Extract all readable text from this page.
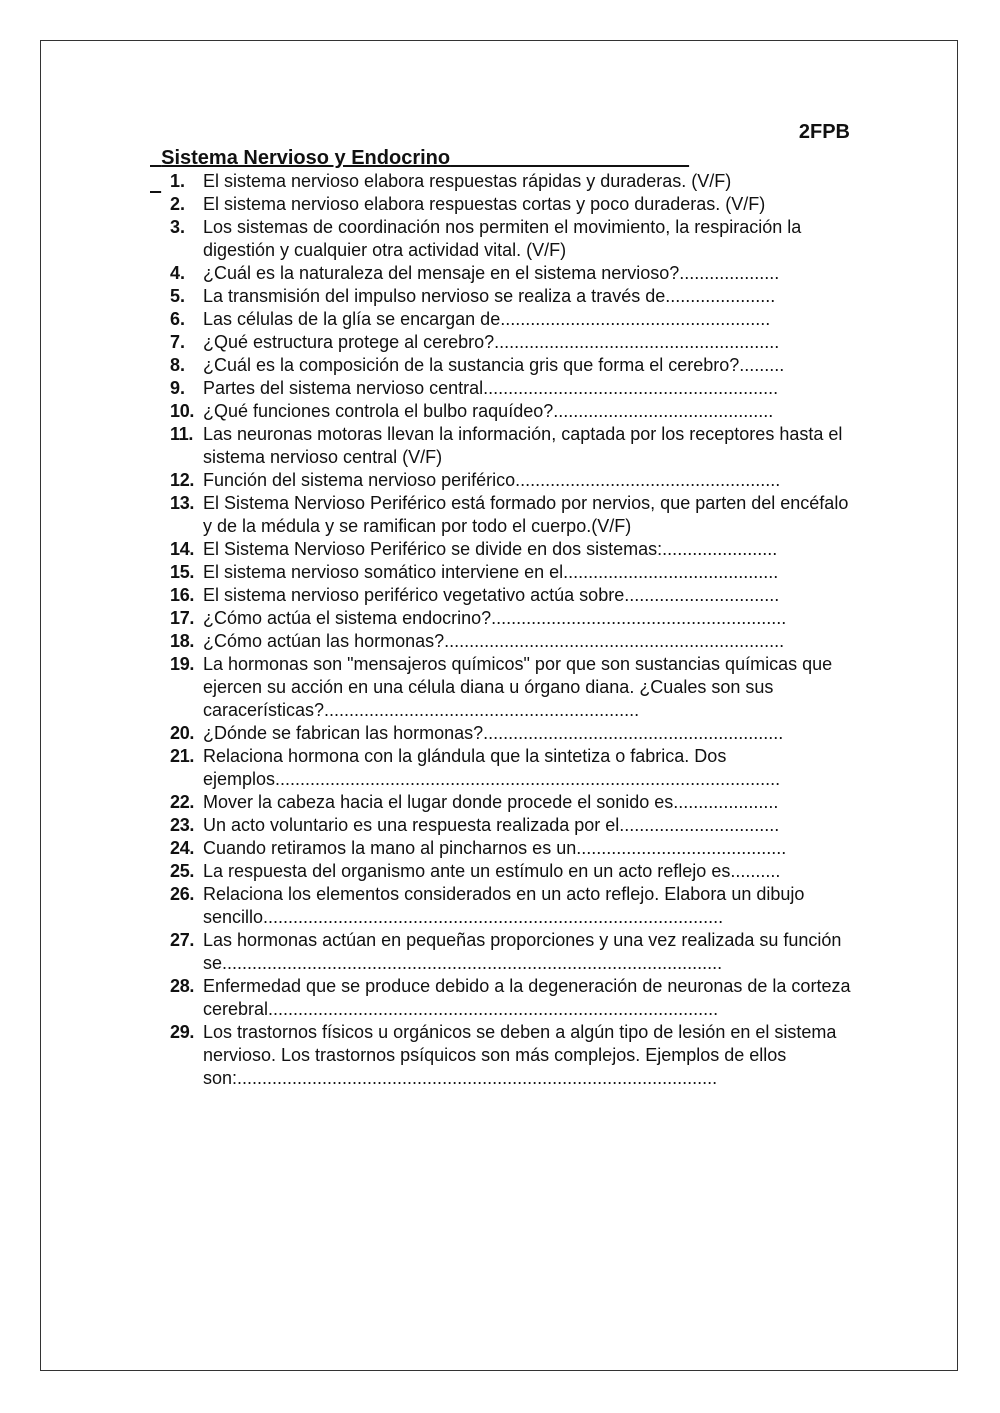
Sistema Nervioso y Endocrino

2FPB

1. El sistema nervioso elabora respuestas rápidas y duraderas. (V/F)
2. El sistema nervioso elabora respuestas cortas y poco duraderas. (V/F)
3. Los sistemas de coordinación nos permiten el movimiento, la respiración la digestión y cualquier otra actividad vital. (V/F)
4. ¿Cuál es la naturaleza del mensaje en el sistema nervioso?....................
5. La transmisión del impulso nervioso se realiza a través de......................
6. Las células de la glía se encargan de......................................................
7. ¿Qué estructura protege al cerebro?.........................................................
8. ¿Cuál es la composición de la sustancia gris que forma el cerebro?.........
9. Partes del sistema nervioso central...........................................................
10. ¿Qué funciones controla el bulbo raquídeo?............................................
11. Las neuronas motoras llevan la información, captada por los receptores hasta el sistema nervioso central (V/F)
12. Función del sistema nervioso periférico.....................................................
13. El Sistema Nervioso Periférico está formado por nervios, que parten del encéfalo y de la médula y se ramifican por todo el cuerpo.(V/F)
14. El Sistema Nervioso Periférico se divide en dos sistemas:.......................
15. El sistema nervioso somático interviene en el...........................................
16. El sistema nervioso periférico vegetativo actúa sobre...............................
17. ¿Cómo actúa el sistema endocrino?...........................................................
18. ¿Cómo actúan las hormonas?....................................................................
19. La hormonas son "mensajeros químicos" por que son sustancias químicas que ejercen su acción en una célula diana u órgano diana. ¿Cuales son sus caracerísticas?...............................................................
20. ¿Dónde se fabrican las hormonas?............................................................
21. Relaciona hormona con la glándula que la sintetiza o fabrica. Dos ejemplos.....................................................................................................
22. Mover la cabeza hacia el lugar donde procede el sonido es.....................
23. Un acto voluntario es una respuesta realizada por el................................
24. Cuando retiramos la mano al pincharnos es un..........................................
25. La respuesta del organismo ante un estímulo en un acto reflejo es..........
26. Relaciona los elementos considerados en un acto reflejo. Elabora un dibujo sencillo............................................................................................
27. Las hormonas actúan en pequeñas proporciones y una vez realizada su función se....................................................................................................
28. Enfermedad que se produce debido a la degeneración de neuronas de la corteza cerebral..........................................................................................
29. Los trastornos físicos u orgánicos se deben a algún tipo de lesión en el sistema nervioso. Los trastornos psíquicos son más complejos. Ejemplos de ellos son:................................................................................................
